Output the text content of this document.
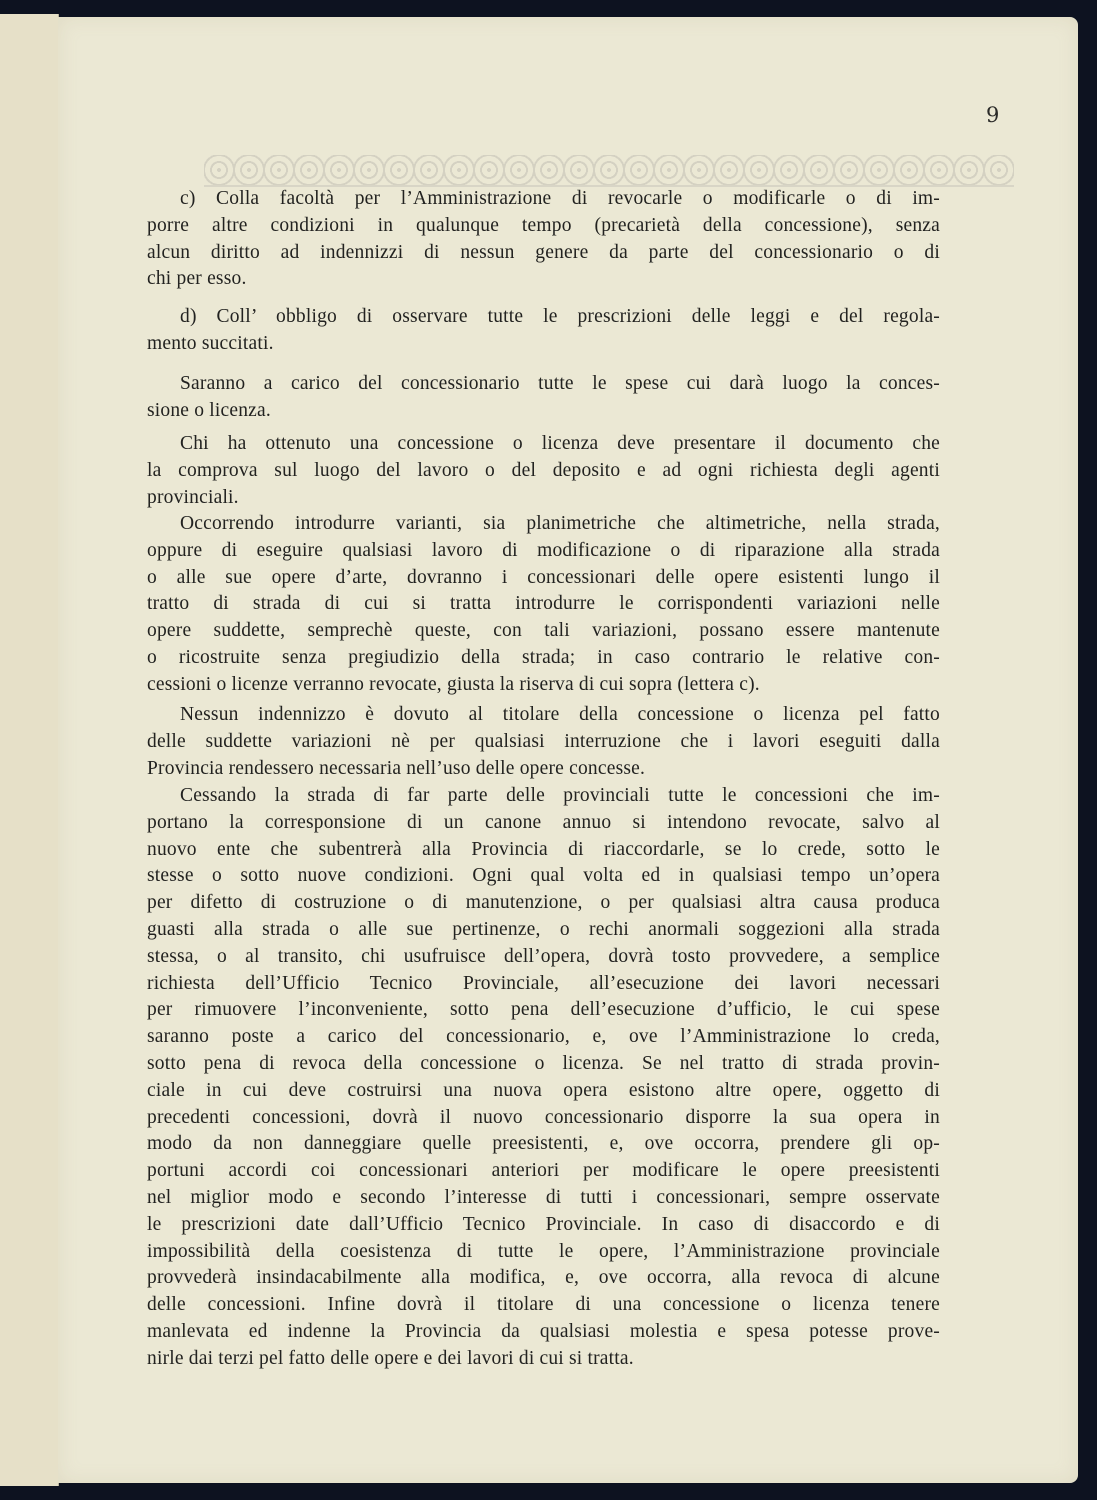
9
c) Colla facoltà per l’Amministrazione di revocarle o modificarle o di im-
porre altre condizioni in qualunque tempo (precarietà della concessione), senza
alcun diritto ad indennizzi di nessun genere da parte del concessionario o di
chi per esso.
d) Coll’ obbligo di osservare tutte le prescrizioni delle leggi e del regola-
mento succitati.
Saranno a carico del concessionario tutte le spese cui darà luogo la conces-
sione o licenza.
Chi ha ottenuto una concessione o licenza deve presentare il documento che
la comprova sul luogo del lavoro o del deposito e ad ogni richiesta degli agenti
provinciali.
Occorrendo introdurre varianti, sia planimetriche che altimetriche, nella strada,
oppure di eseguire qualsiasi lavoro di modificazione o di riparazione alla strada
o alle sue opere d’arte, dovranno i concessionari delle opere esistenti lungo il
tratto di strada di cui si tratta introdurre le corrispondenti variazioni nelle
opere suddette, semprechè queste, con tali variazioni, possano essere mantenute
o ricostruite senza pregiudizio della strada; in caso contrario le relative con-
cessioni o licenze verranno revocate, giusta la riserva di cui sopra (lettera c).
Nessun indennizzo è dovuto al titolare della concessione o licenza pel fatto
delle suddette variazioni nè per qualsiasi interruzione che i lavori eseguiti dalla
Provincia rendessero necessaria nell’uso delle opere concesse.
Cessando la strada di far parte delle provinciali tutte le concessioni che im-
portano la corresponsione di un canone annuo si intendono revocate, salvo al
nuovo ente che subentrerà alla Provincia di riaccordarle, se lo crede, sotto le
stesse o sotto nuove condizioni. Ogni qual volta ed in qualsiasi tempo un’opera
per difetto di costruzione o di manutenzione, o per qualsiasi altra causa produca
guasti alla strada o alle sue pertinenze, o rechi anormali soggezioni alla strada
stessa, o al transito, chi usufruisce dell’opera, dovrà tosto provvedere, a semplice
richiesta dell’Ufficio Tecnico Provinciale, all’esecuzione dei lavori necessari
per rimuovere l’inconveniente, sotto pena dell’esecuzione d’ufficio, le cui spese
saranno poste a carico del concessionario, e, ove l’Amministrazione lo creda,
sotto pena di revoca della concessione o licenza. Se nel tratto di strada provin-
ciale in cui deve costruirsi una nuova opera esistono altre opere, oggetto di
precedenti concessioni, dovrà il nuovo concessionario disporre la sua opera in
modo da non danneggiare quelle preesistenti, e, ove occorra, prendere gli op-
portuni accordi coi concessionari anteriori per modificare le opere preesistenti
nel miglior modo e secondo l’interesse di tutti i concessionari, sempre osservate
le prescrizioni date dall’Ufficio Tecnico Provinciale. In caso di disaccordo e di
impossibilità della coesistenza di tutte le opere, l’Amministrazione provinciale
provvederà insindacabilmente alla modifica, e, ove occorra, alla revoca di alcune
delle concessioni. Infine dovrà il titolare di una concessione o licenza tenere
manlevata ed indenne la Provincia da qualsiasi molestia e spesa potesse prove-
nirle dai terzi pel fatto delle opere e dei lavori di cui si tratta.
